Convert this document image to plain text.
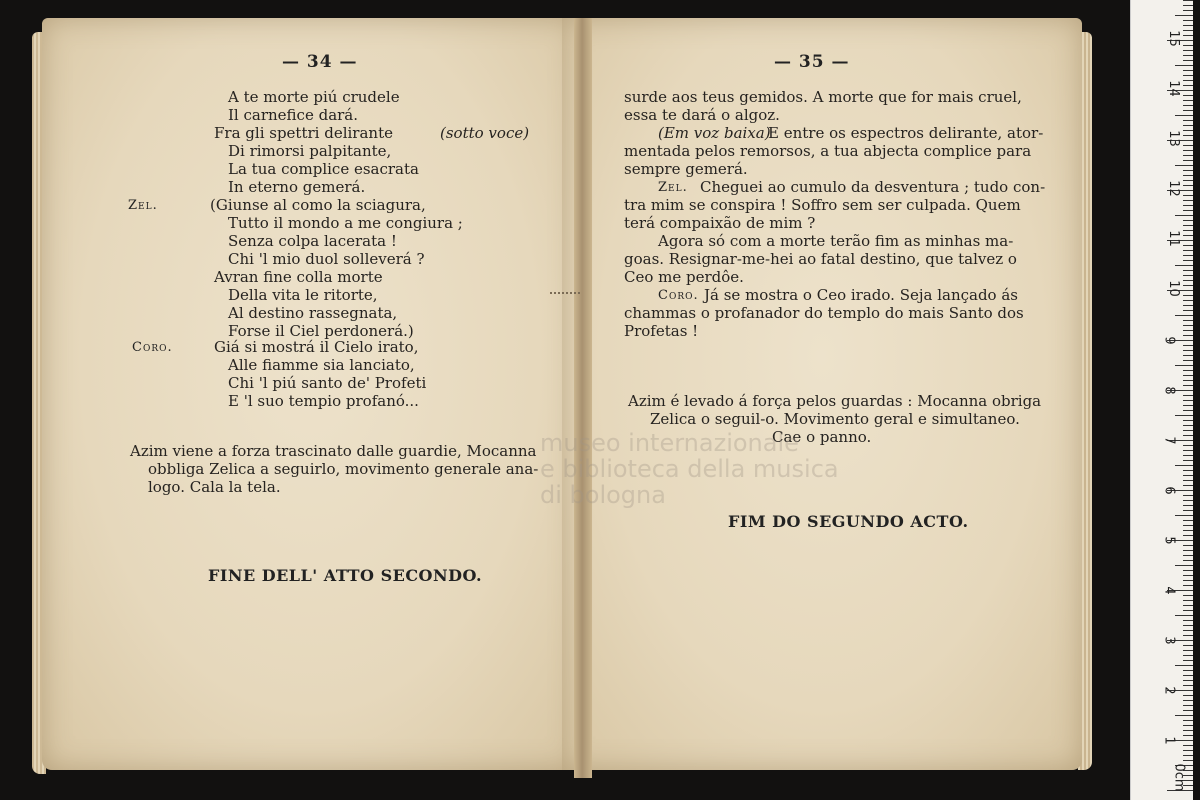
— 34 —
A te morte piú crudele
Il carnefice dará.
Fra gli spettri delirante	(sotto voce)
Di rimorsi palpitante,
La tua complice esacrata
In eterno gemerá.
Zel.	(Giunse al como la sciagura,
Tutto il mondo a me congiura ;
Senza colpa lacerata !
Chi 'l mio duol solleverá ?
Avran fine colla morte
Della vita le ritorte,
Al destino rassegnata,
Forse il Ciel perdonerá.)
Coro.	Giá si mostrá il Cielo irato,
Alle fiamme sia lanciato,
Chi 'l piú santo de' Profeti
E 'l suo tempio profanó...
Azim viene a forza trascinato dalle guardie, Mocanna
obbliga Zelica a seguirlo, movimento generale ana-
logo. Cala la tela.
FINE DELL' ATTO SECONDO.
— 35 —
surde aos teus gemidos. A morte que for mais cruel,
essa te dará o algoz.
(Em voz baixa)
E entre os espectros delirante, ator-
mentada pelos remorsos, a tua abjecta complice para
sempre gemerá.
Zel. Cheguei ao cumulo da desventura ; tudo con-
tra mim se conspira ! Soffro sem ser culpada. Quem
terá compaixão de mim ?
Agora só com a morte terão fim as minhas ma-
goas. Resignar-me-hei ao fatal destino, que talvez o
Ceo me perdôe.
Coro. Já se mostra o Ceo irado. Seja lançado ás
chammas o profanador do templo do mais Santo dos
Profetas !
Azim é levado á força pelos guardas : Mocanna obriga
Zelica o seguil-o. Movimento geral e simultaneo.
Cae o panno.
FIM DO SEGUNDO ACTO.
museo internazionale
e biblioteca della musica
di bologna
0cm
1
2
3
4
5
6
7
8
9
10
11
12
13
14
15
